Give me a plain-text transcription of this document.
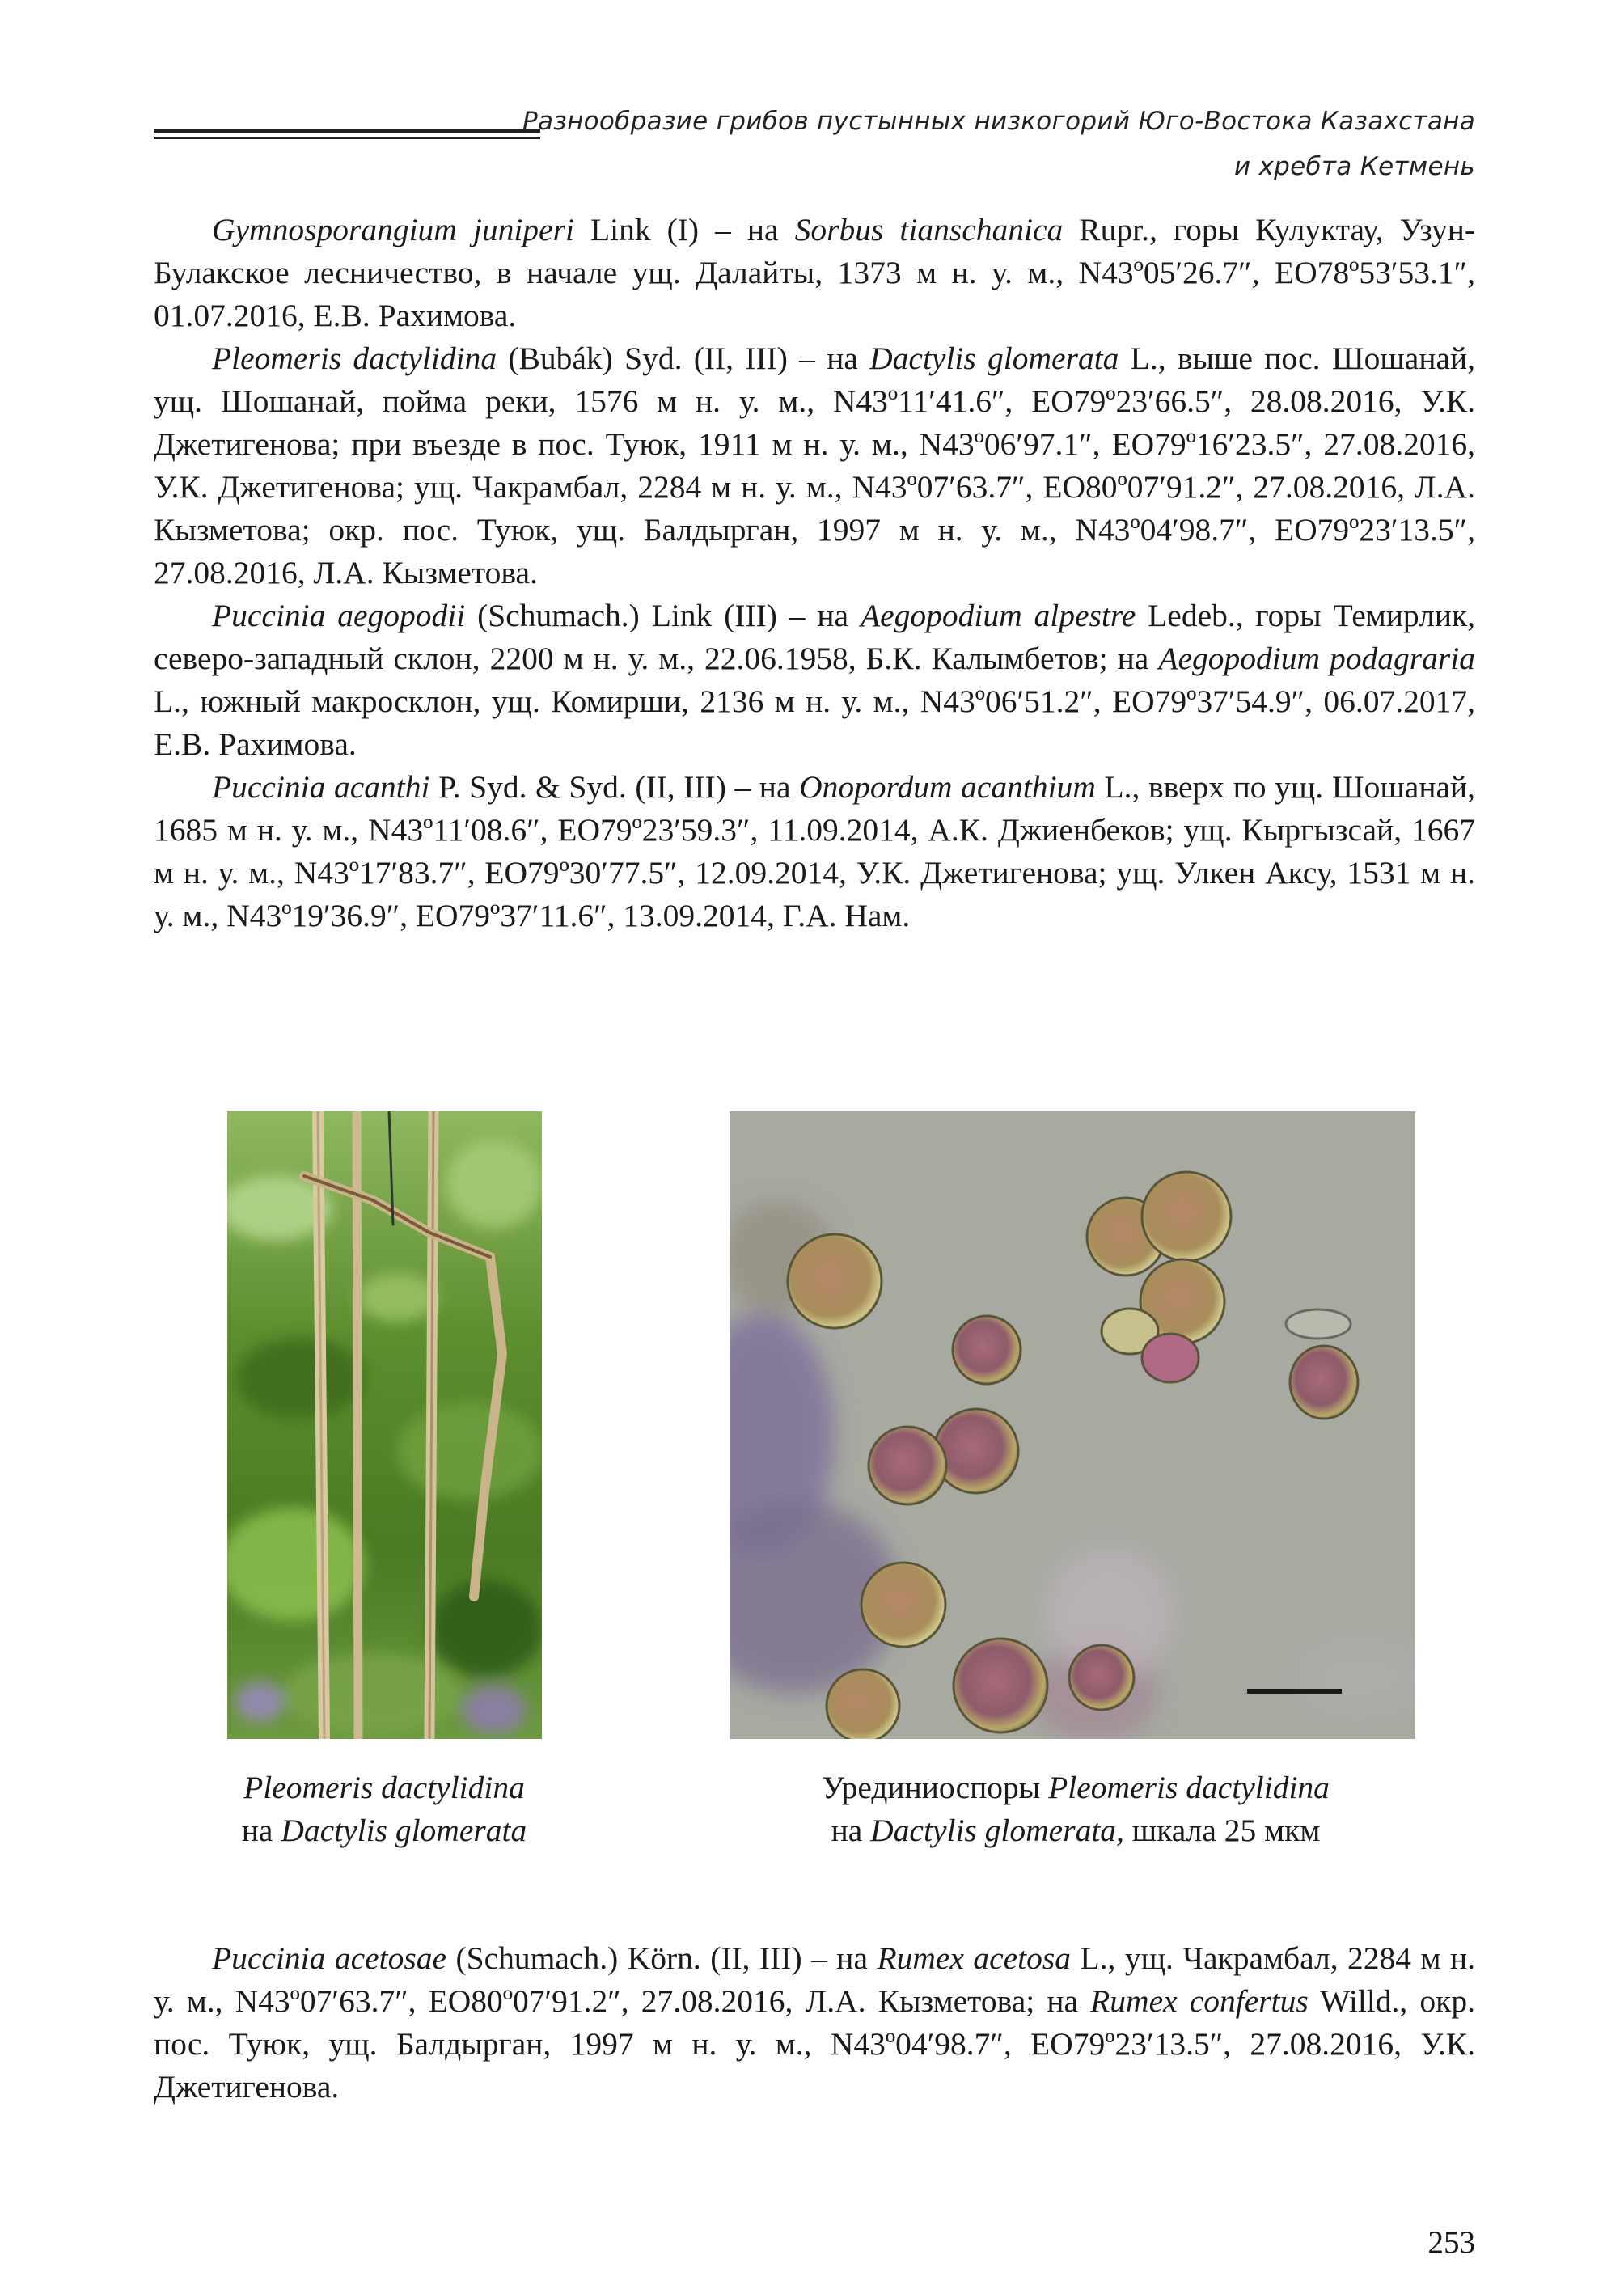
Разнообразие грибов пустынных низкогорий Юго-Востока Казахстана
и хребта Кетмень

Gymnosporangium juniperi Link (I) – на Sorbus tianschanica Rupr., горы Кулуктау, Узун-Булакское лесничество, в начале ущ. Далайты, 1373 м н. у. м., N43º05′26.7″, EO78º53′53.1″, 01.07.2016, Е.В. Рахимова.

Pleomeris dactylidina (Bubák) Syd. (II, III) – на Dactylis glomerata L., выше пос. Шошанай, ущ. Шошанай, пойма реки, 1576 м н. у. м., N43º11′41.6″, EO79º23′66.5″, 28.08.2016, У.К. Джетигенова; при въезде в пос. Туюк, 1911 м н. у. м., N43º06′97.1″, EO79º16′23.5″, 27.08.2016, У.К. Джетигенова; ущ. Чакрамбал, 2284 м н. у. м., N43º07′63.7″, EO80º07′91.2″, 27.08.2016, Л.А. Кызметова; окр. пос. Туюк, ущ. Балдырган, 1997 м н. у. м., N43º04′98.7″, EO79º23′13.5″, 27.08.2016, Л.А. Кызметова.

Puccinia aegopodii (Schumach.) Link (III) – на Aegopodium alpestre Ledeb., горы Темирлик, северо-западный склон, 2200 м н. у. м., 22.06.1958, Б.К. Калымбетов; на Aegopodium podagraria L., южный макросклон, ущ. Комирши, 2136 м н. у. м., N43º06′51.2″, EO79º37′54.9″, 06.07.2017, Е.В. Рахимова.

Puccinia acanthi P. Syd. & Syd. (II, III) – на Onopordum acanthium L., вверх по ущ. Шошанай, 1685 м н. у. м., N43º11′08.6″, EO79º23′59.3″, 11.09.2014, А.К. Джиенбеков; ущ. Кыргызсай, 1667 м н. у. м., N43º17′83.7″, EO79º30′77.5″, 12.09.2014, У.К. Джетигенова; ущ. Улкен Аксу, 1531 м н. у. м., N43º19′36.9″, EO79º37′11.6″, 13.09.2014, Г.А. Нам.

Pleomeris dactylidina
на Dactylis glomerata
Урединиоспоры Pleomeris dactylidina
на Dactylis glomerata, шкала 25 мкм

Puccinia acetosae (Schumach.) Körn. (II, III) – на Rumex acetosa L., ущ. Чакрамбал, 2284 м н. у. м., N43º07′63.7″, EO80º07′91.2″, 27.08.2016, Л.А. Кызметова; на Rumex confertus Willd., окр. пос. Туюк, ущ. Балдырган, 1997 м н. у. м., N43º04′98.7″, EO79º23′13.5″, 27.08.2016, У.К. Джетигенова.

253
